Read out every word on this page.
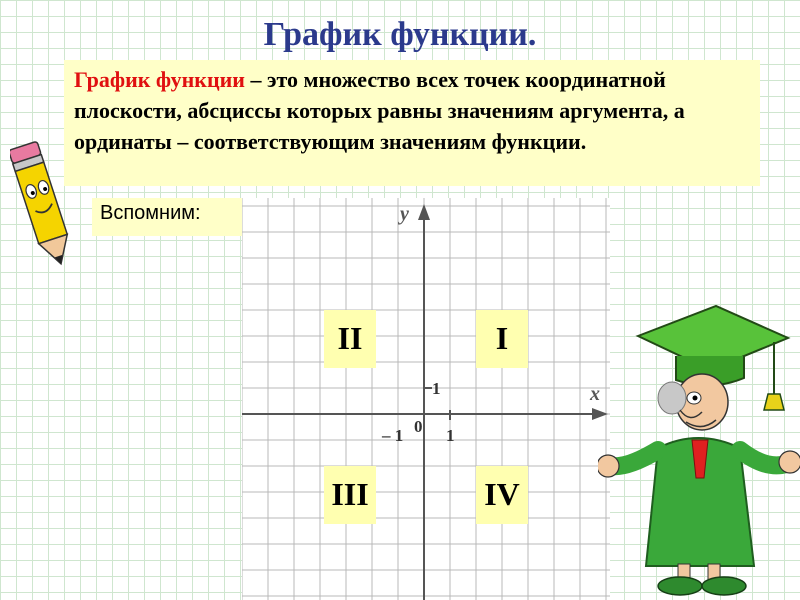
График функции.
График функции – это множество всех точек координатной плоскости, абсциссы которых равны значениям аргумента, а ординаты – соответствующим значениям функции.
Вспомним:
x
y
0 1
– 1
1
II	I
III	IV
